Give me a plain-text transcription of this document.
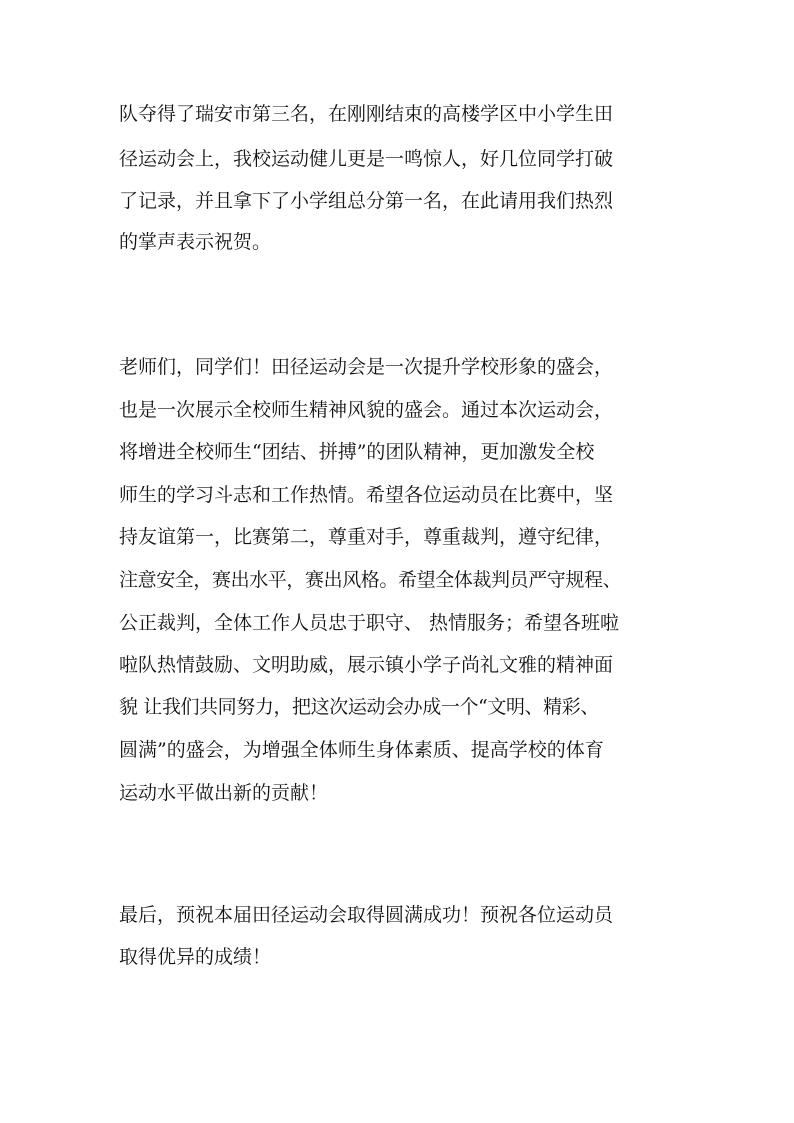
队夺得了瑞安市第三名，在刚刚结束的高楼学区中小学生田
径运动会上，我校运动健儿更是一鸣惊人，好几位同学打破
了记录，并且拿下了小学组总分第一名，在此请用我们热烈
的掌声表示祝贺。
老师们，同学们！田径运动会是一次提升学校形象的盛会，
也是一次展示全校师生精神风貌的盛会。通过本次运动会，
将增进全校师生“团结、拼搏”的团队精神，更加激发全校
师生的学习斗志和工作热情。希望各位运动员在比赛中，坚
持友谊第一，比赛第二，尊重对手，尊重裁判，遵守纪律，
注意安全，赛出水平，赛出风格。希望全体裁判员严守规程、
公正裁判，全体工作人员忠于职守、 热情服务；希望各班啦
啦队热情鼓励、文明助威，展示镇小学子尚礼文雅的精神面
貌 让我们共同努力，把这次运动会办成一个“文明、精彩、
圆满”的盛会，为增强全体师生身体素质、提高学校的体育
运动水平做出新的贡献！
最后，预祝本届田径运动会取得圆满成功！预祝各位运动员
取得优异的成绩！
